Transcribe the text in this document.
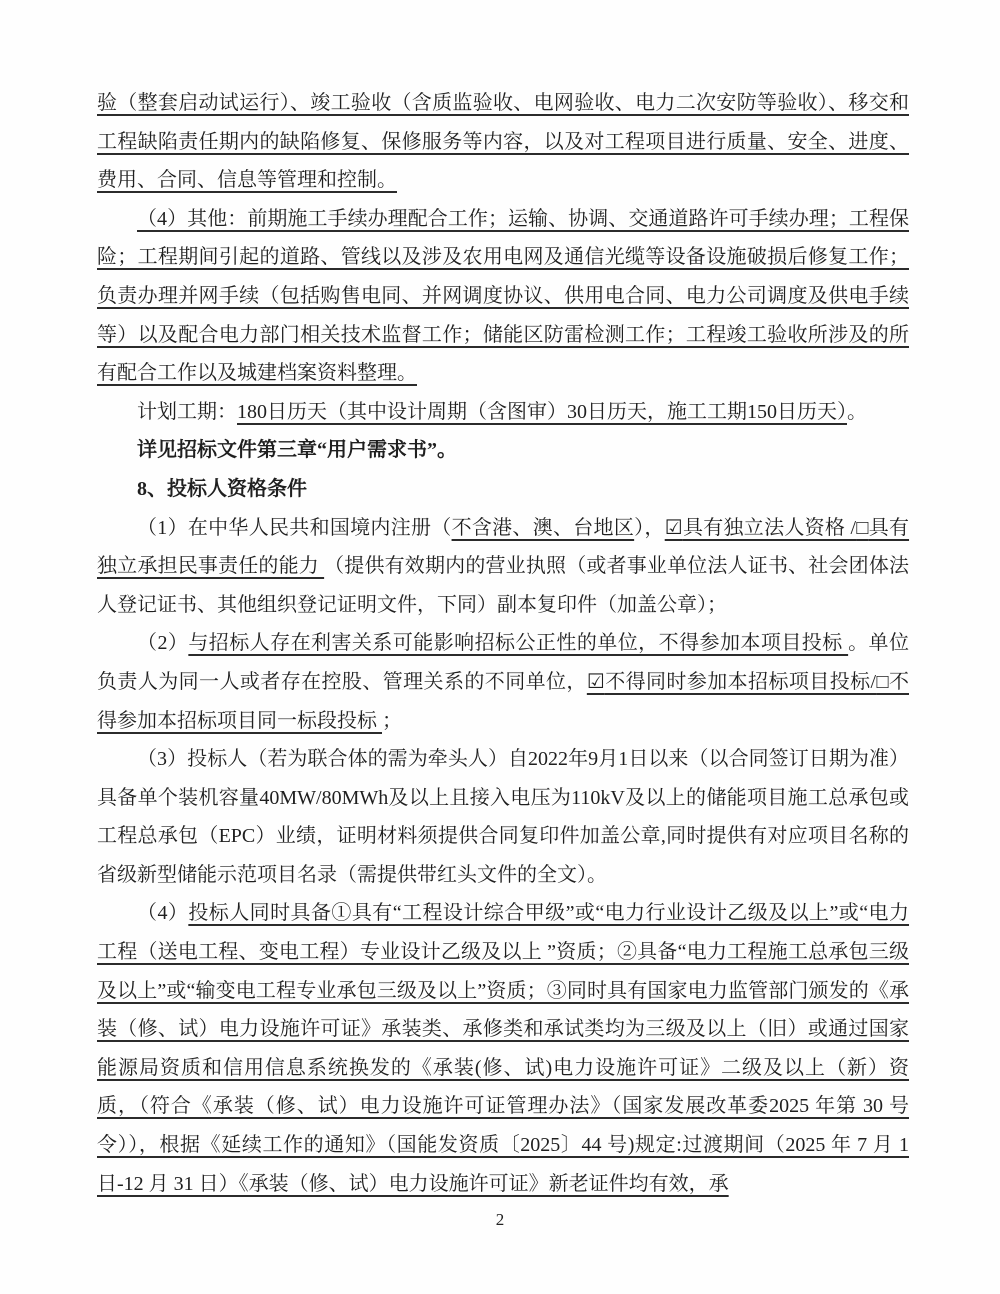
验（整套启动试运行）、竣工验收（含质监验收、电网验收、电力二次安防等验收）、移交和工程缺陷责任期内的缺陷修复、保修服务等内容，以及对工程项目进行质量、安全、进度、费用、合同、信息等管理和控制。

（4）其他：前期施工手续办理配合工作；运输、协调、交通道路许可手续办理；工程保险；工程期间引起的道路、管线以及涉及农用电网及通信光缆等设备设施破损后修复工作；负责办理并网手续（包括购售电同、并网调度协议、供用电合同、电力公司调度及供电手续等）以及配合电力部门相关技术监督工作；储能区防雷检测工作；工程竣工验收所涉及的所有配合工作以及城建档案资料整理。

计划工期：180日历天（其中设计周期（含图审）30日历天，施工工期150日历天）。

详见招标文件第三章“用户需求书”。

8、投标人资格条件

（1）在中华人民共和国境内注册（不含港、澳、台地区），☑具有独立法人资格 /□具有独立承担民事责任的能力 （提供有效期内的营业执照（或者事业单位法人证书、社会团体法人登记证书、其他组织登记证明文件，下同）副本复印件（加盖公章）；

（2）与招标人存在利害关系可能影响招标公正性的单位，不得参加本项目投标 。单位负责人为同一人或者存在控股、管理关系的不同单位，☑不得同时参加本招标项目投标/□不得参加本招标项目同一标段投标 ；

（3）投标人（若为联合体的需为牵头人）自2022年9月1日以来（以合同签订日期为准）具备单个装机容量40MW/80MWh及以上且接入电压为110kV及以上的储能项目施工总承包或工程总承包（EPC）业绩，证明材料须提供合同复印件加盖公章,同时提供有对应项目名称的省级新型储能示范项目名录（需提供带红头文件的全文）。

（4）投标人同时具备①具有“工程设计综合甲级”或“电力行业设计乙级及以上”或“电力工程（送电工程、变电工程）专业设计乙级及以上 ”资质；②具备“电力工程施工总承包三级及以上”或“输变电工程专业承包三级及以上”资质；③同时具有国家电力监管部门颁发的《承装（修、试）电力设施许可证》承装类、承修类和承试类均为三级及以上（旧）或通过国家能源局资质和信用信息系统换发的《承装(修、试)电力设施许可证》二级及以上（新）资质，（符合《承装（修、试）电力设施许可证管理办法》（国家发展改革委2025 年第 30 号令）），根据《延续工作的通知》（国能发资质〔2025〕44 号)规定:过渡期间（2025 年 7 月 1 日-12 月 31 日）《承装（修、试）电力设施许可证》新老证件均有效，承

2
